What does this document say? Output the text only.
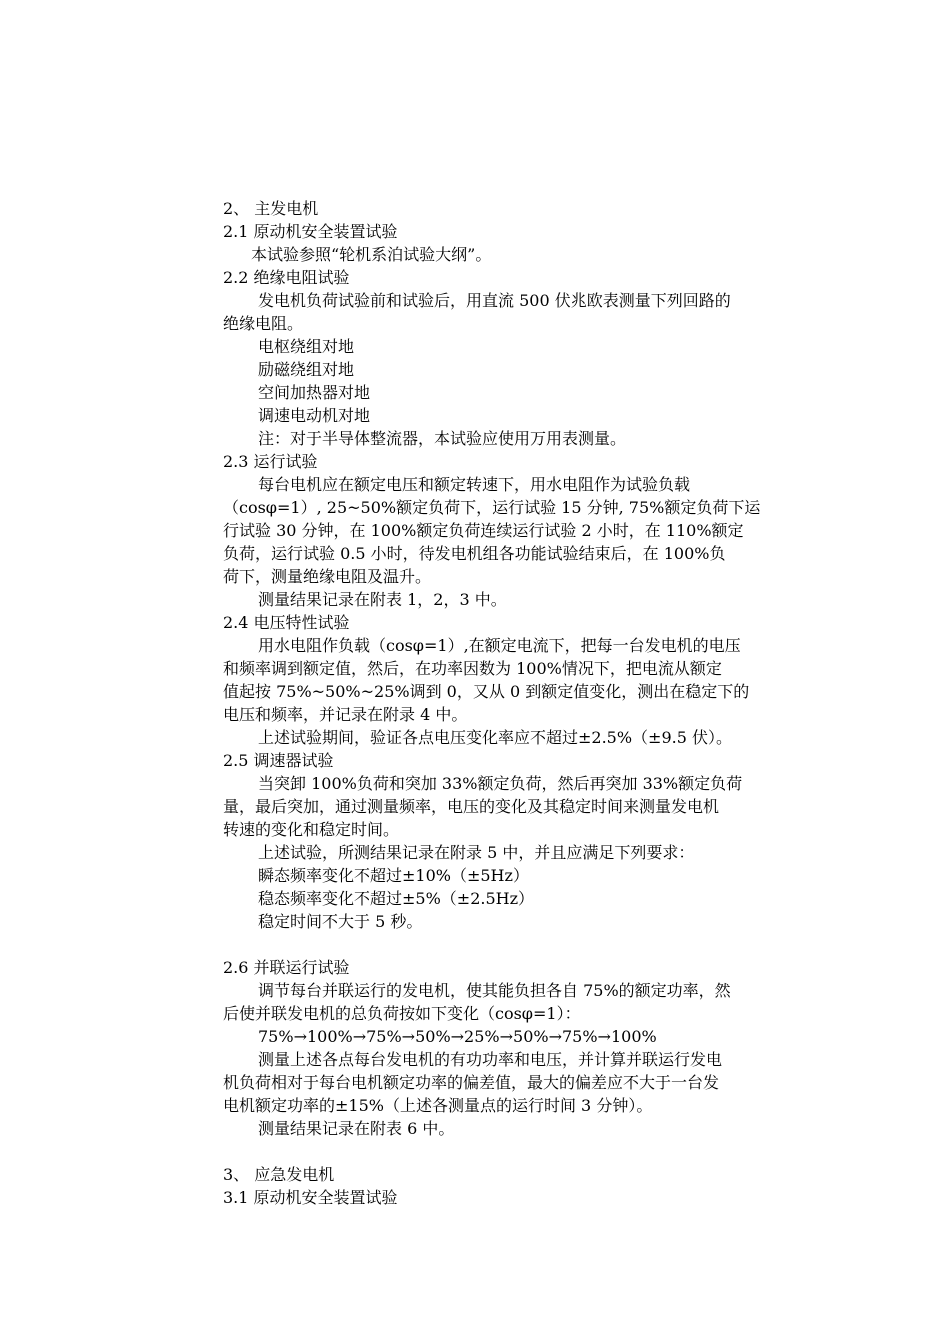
2、 主发电机
2.1 原动机安全装置试验
本试验参照“轮机系泊试验大纲”。
2.2 绝缘电阻试验
发电机负荷试验前和试验后，用直流 500 伏兆欧表测量下列回路的
绝缘电阻。
电枢绕组对地
励磁绕组对地
空间加热器对地
调速电动机对地
注：对于半导体整流器，本试验应使用万用表测量。
2.3 运行试验
每台电机应在额定电压和额定转速下，用水电阻作为试验负载
（cosφ=1）, 25~50%额定负荷下，运行试验 15 分钟, 75%额定负荷下运
行试验 30 分钟，在 100%额定负荷连续运行试验 2 小时，在 110%额定
负荷，运行试验 0.5 小时，待发电机组各功能试验结束后，在 100%负
荷下，测量绝缘电阻及温升。
测量结果记录在附表 1，2，3 中。
2.4 电压特性试验
用水电阻作负载（cosφ=1）,在额定电流下，把每一台发电机的电压
和频率调到额定值，然后，在功率因数为 100%情况下，把电流从额定
值起按 75%~50%~25%调到 0，又从 0 到额定值变化，测出在稳定下的
电压和频率，并记录在附录 4 中。
上述试验期间，验证各点电压变化率应不超过±2.5%（±9.5 伏）。
2.5 调速器试验
当突卸 100%负荷和突加 33%额定负荷，然后再突加 33%额定负荷
量，最后突加，通过测量频率，电压的变化及其稳定时间来测量发电机
转速的变化和稳定时间。
上述试验，所测结果记录在附录 5 中，并且应满足下列要求：
瞬态频率变化不超过±10%（±5Hz）
稳态频率变化不超过±5%（±2.5Hz）
稳定时间不大于 5 秒。
2.6 并联运行试验
调节每台并联运行的发电机，使其能负担各自 75%的额定功率，然
后使并联发电机的总负荷按如下变化（cosφ=1）：
75%→100%→75%→50%→25%→50%→75%→100%
测量上述各点每台发电机的有功功率和电压，并计算并联运行发电
机负荷相对于每台电机额定功率的偏差值，最大的偏差应不大于一台发
电机额定功率的±15%（上述各测量点的运行时间 3 分钟）。
测量结果记录在附表 6 中。
3、 应急发电机
3.1 原动机安全装置试验
